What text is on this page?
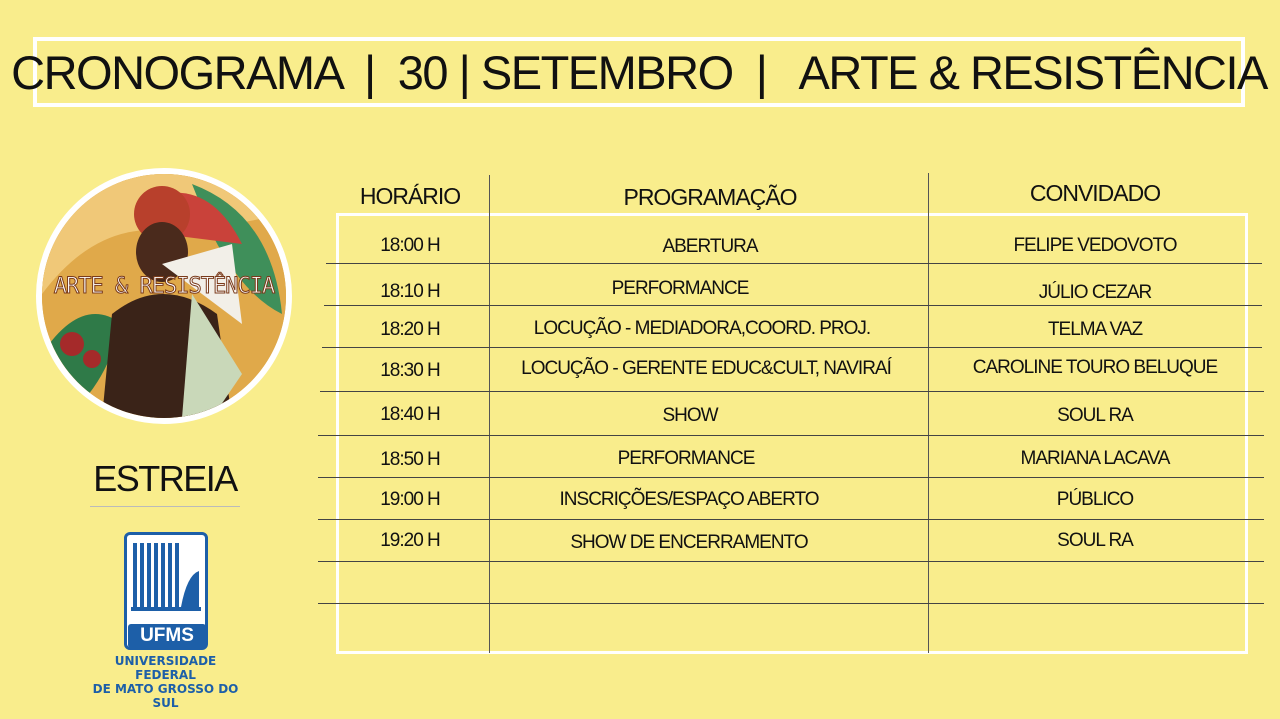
CRONOGRAMA  |  30 | SETEMBRO  |   ARTE & RESISTÊNCIA
ARTE & RESISTÊNCIA
ESTREIA
UFMS
UNIVERSIDADE FEDERAL
DE MATO GROSSO DO SUL
HORÁRIO	PROGRAMAÇÃO	CONVIDADO
18:00 H	ABERTURA	FELIPE VEDOVOTO
18:10 H	PERFORMANCE	JÚLIO CEZAR
18:20 H	LOCUÇÃO - MEDIADORA,COORD. PROJ.	TELMA VAZ
18:30 H	LOCUÇÃO - GERENTE EDUC&CULT, NAVIRAÍ	CAROLINE TOURO BELUQUE
18:40 H	SHOW	SOUL RA
18:50 H	PERFORMANCE	MARIANA LACAVA
19:00 H	INSCRIÇÕES/ESPAÇO ABERTO	PÚBLICO
19:20 H	SHOW DE ENCERRAMENTO	SOUL RA
